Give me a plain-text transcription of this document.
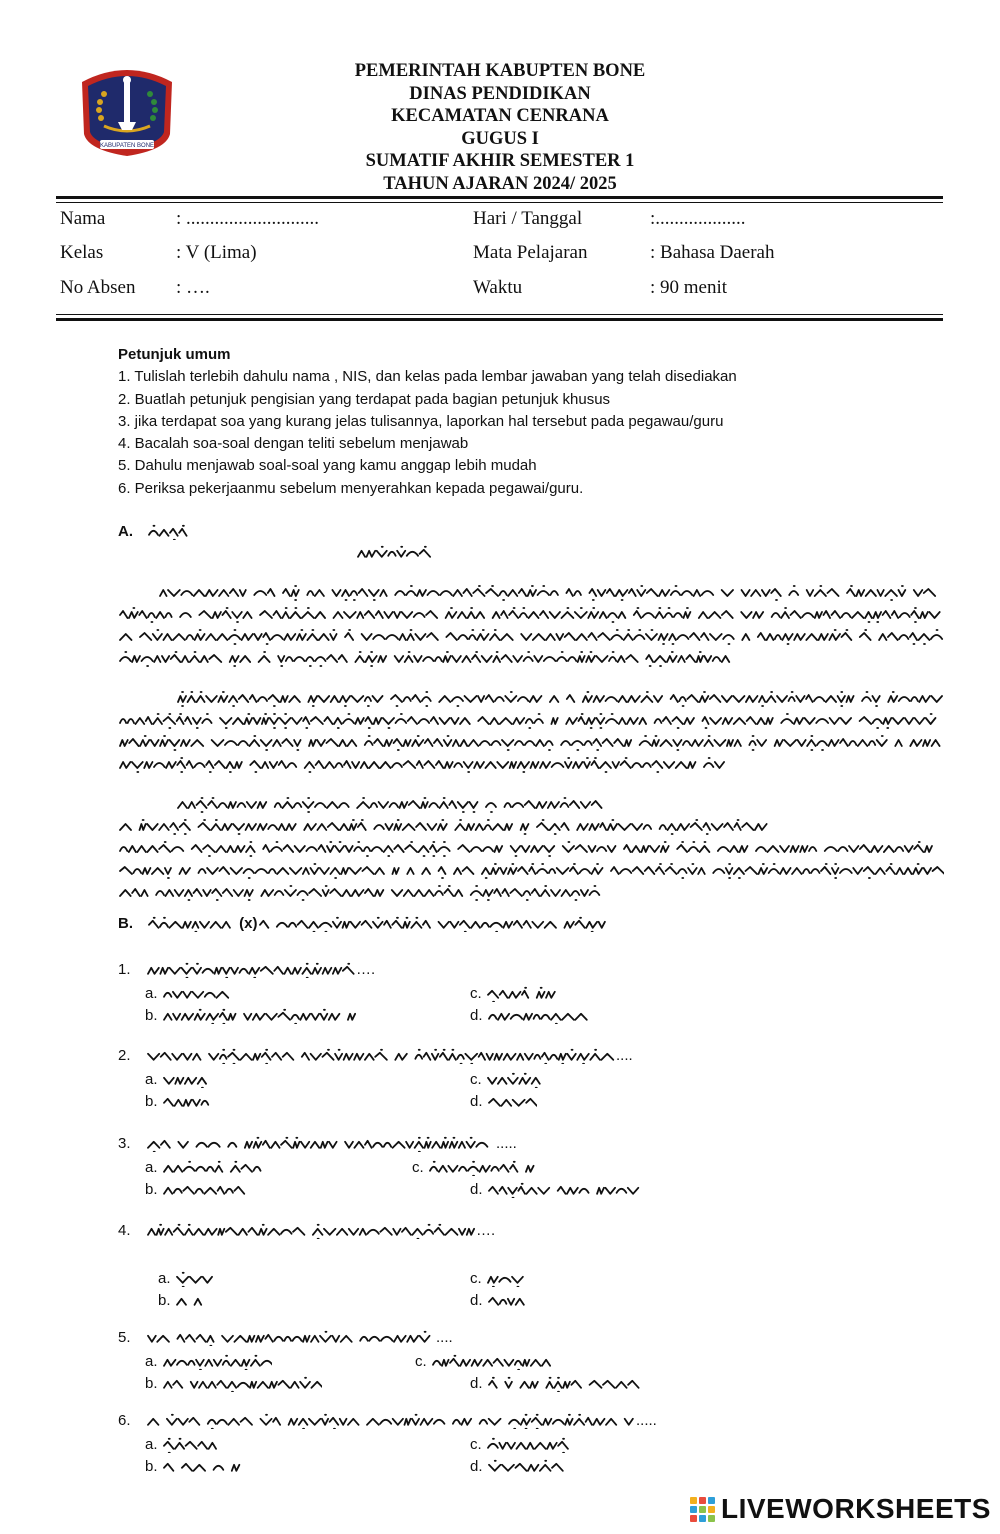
KABUPATEN BONE
PEMERINTAH KABUPTEN BONE
DINAS PENDIDIKAN
KECAMATAN CENRANA
GUGUS I
SUMATIF AKHIR SEMESTER 1
TAHUN AJARAN 2024/ 2025
Nama	: ............................	Hari / Tanggal	:...................
Kelas	: V (Lima)	Mata Pelajaran	: Bahasa Daerah
No Absen : ….	Waktu	: 90 menit
Petunjuk umum
1. Tulislah terlebih dahulu nama , NIS, dan kelas pada lembar jawaban yang telah disediakan
2. Buatlah petunjuk pengisian yang terdapat pada bagian petunjuk khusus
3. jika terdapat soa yang kurang jelas tulisannya, laporkan hal tersebut pada pegawau/guru
4. Bacalah soa-soal dengan teliti sebelum menjawab
5. Dahulu menjawab soal-soal yang kamu anggap lebih mudah
6. Periksa pekerjaanmu sebelum menyerahkan kepada pegawai/guru.
A.
B.	(x)
1.	….
a.
b.
c.
d.
2.	....
a.
b.
c.
d.
3.	.....
a.
b.
c.
d.
4.	….
a.
b.
c.
d.
5.	....
a.
b.
c.
d.
6.	.....
a.
b.
c.
d.
LIVEWORKSHEETS
